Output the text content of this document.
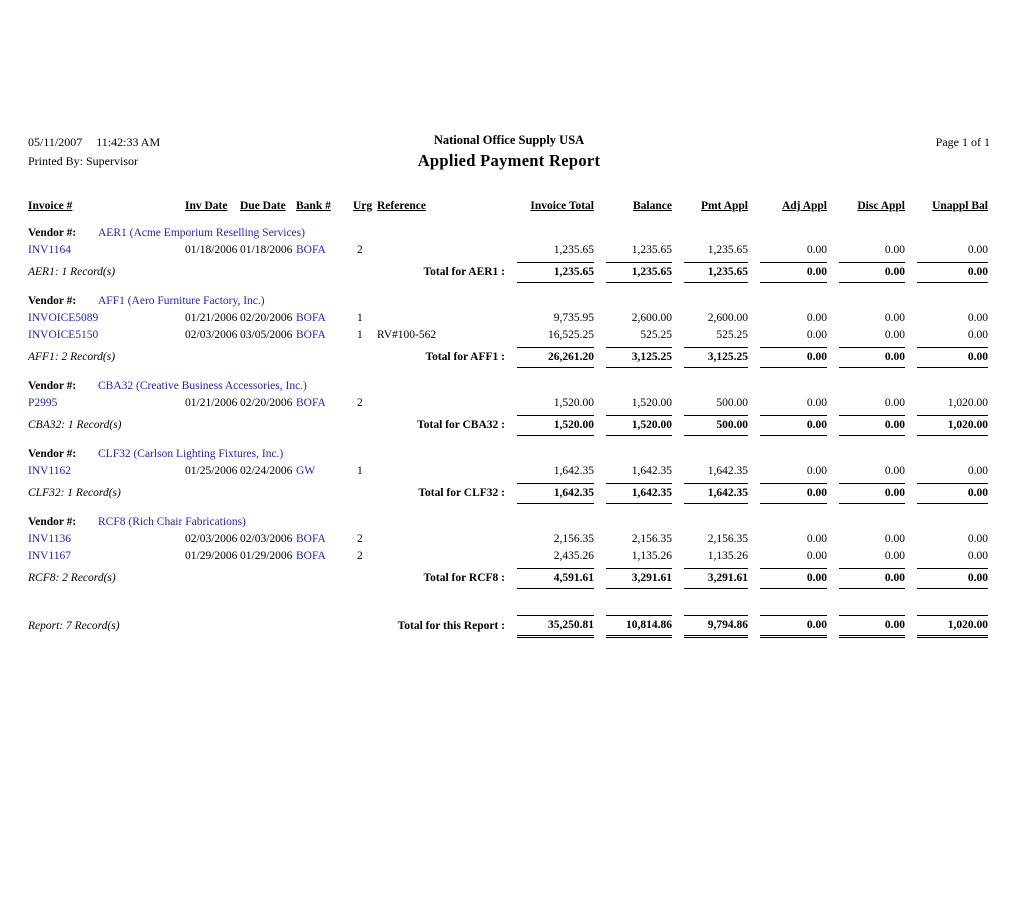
05/11/2007 11:42:33 AM	Page 1 of 1
Printed By: Supervisor
National Office Supply USA
Applied Payment Report
Invoice #	Inv Date	Due Date Bank #	Urg Reference	Invoice Total	Balance	Pmt Appl	Adj Appl	Disc Appl	Unappl Bal
Vendor #:	AER1 (Acme Emporium Reselling Services)
INV1164	01/18/2006 01/18/2006 BOFA	2	1,235.65	1,235.65	1,235.65	0.00	0.00	0.00
AER1: 1 Record(s)	Total for AER1 :	1,235.65	1,235.65	1,235.65	0.00	0.00	0.00
Vendor #:	AFF1 (Aero Furniture Factory, Inc.)
INVOICE5089	01/21/2006 02/20/2006 BOFA	1	9,735.95	2,600.00	2,600.00	0.00	0.00	0.00
INVOICE5150	02/03/2006 03/05/2006 BOFA	1	RV#100-562	16,525.25	525.25	525.25	0.00	0.00	0.00
AFF1: 2 Record(s)	Total for AFF1 :	26,261.20	3,125.25	3,125.25	0.00	0.00	0.00
Vendor #:	CBA32 (Creative Business Accessories, Inc.)
P2995	01/21/2006 02/20/2006 BOFA	2	1,520.00	1,520.00	500.00	0.00	0.00	1,020.00
CBA32: 1 Record(s)	Total for CBA32 :	1,520.00	1,520.00	500.00	0.00	0.00	1,020.00
Vendor #:	CLF32 (Carlson Lighting Fixtures, Inc.)
INV1162	01/25/2006 02/24/2006 GW	1	1,642.35	1,642.35	1,642.35	0.00	0.00	0.00
CLF32: 1 Record(s)	Total for CLF32 :	1,642.35	1,642.35	1,642.35	0.00	0.00	0.00
Vendor #:	RCF8 (Rich Chair Fabrications)
INV1136	02/03/2006 02/03/2006 BOFA	2	2,156.35	2,156.35	2,156.35	0.00	0.00	0.00
INV1167	01/29/2006 01/29/2006 BOFA	2	2,435.26	1,135.26	1,135.26	0.00	0.00	0.00
RCF8: 2 Record(s)	Total for RCF8 :	4,591.61	3,291.61	3,291.61	0.00	0.00	0.00
Report: 7 Record(s)	Total for this Report :	35,250.81	10,814.86	9,794.86	0.00	0.00	1,020.00
